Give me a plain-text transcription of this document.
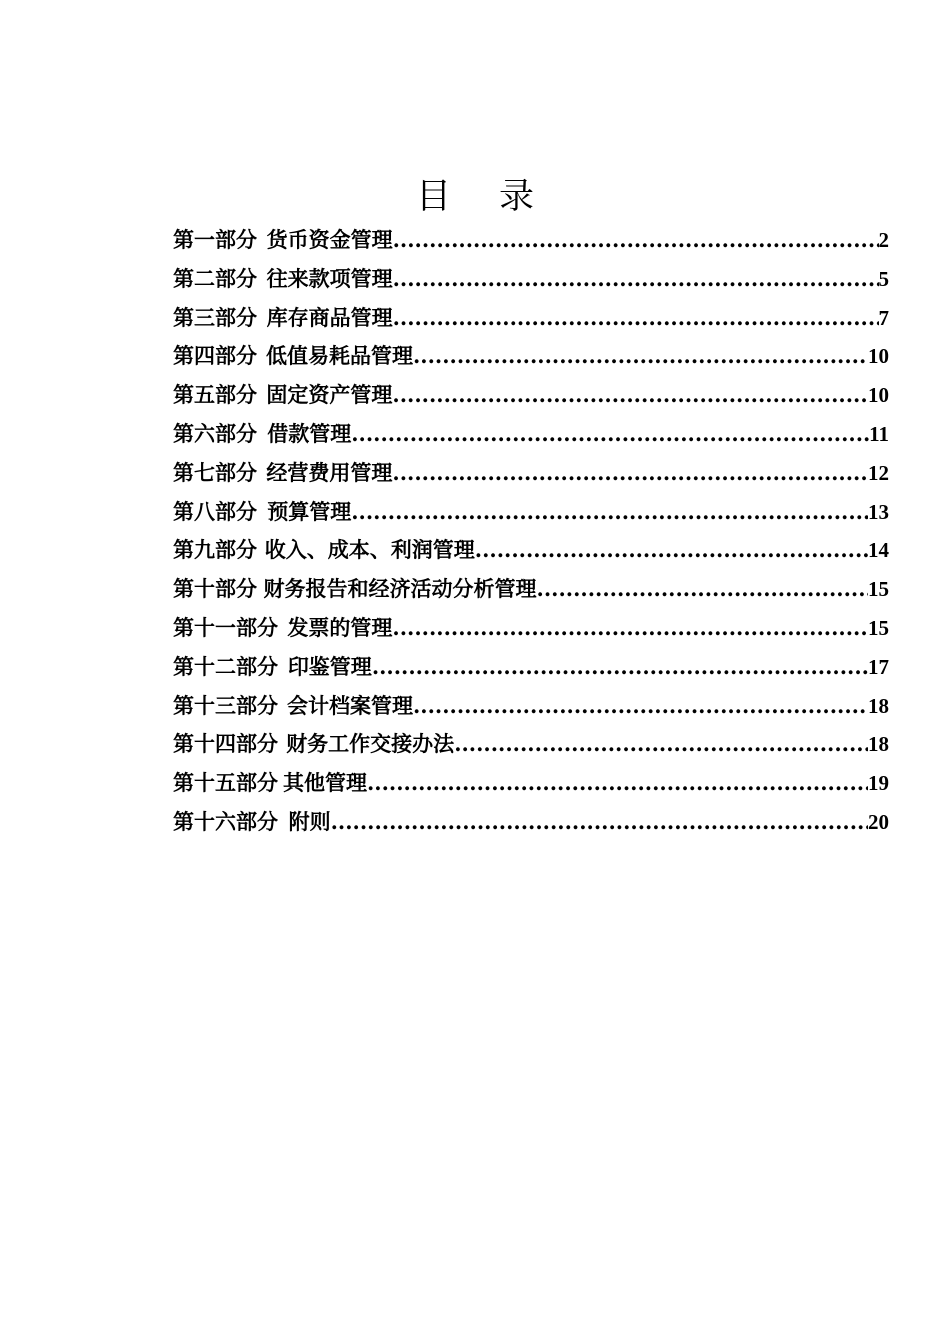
目 录
第一部分 货币资金管理 .....	2
第二部分 往来款项管理 .....	5
第三部分 库存商品管理 .....	7
第四部分 低值易耗品管理 .....	10
第五部分 固定资产管理 .....	10
第六部分 借款管理 .....	11
第七部分 经营费用管理 .....	12
第八部分 预算管理 .....	13
第九部分 收入、成本、利润管理 .....	14
第十部分 财务报告和经济活动分析管理 .....	15
第十一部分 发票的管理 .....	15
第十二部分 印鉴管理 .....	17
第十三部分 会计档案管理 .....	18
第十四部分 财务工作交接办法 .....	18
第十五部分 其他管理 .....	19
第十六部分 附则 .....	20
